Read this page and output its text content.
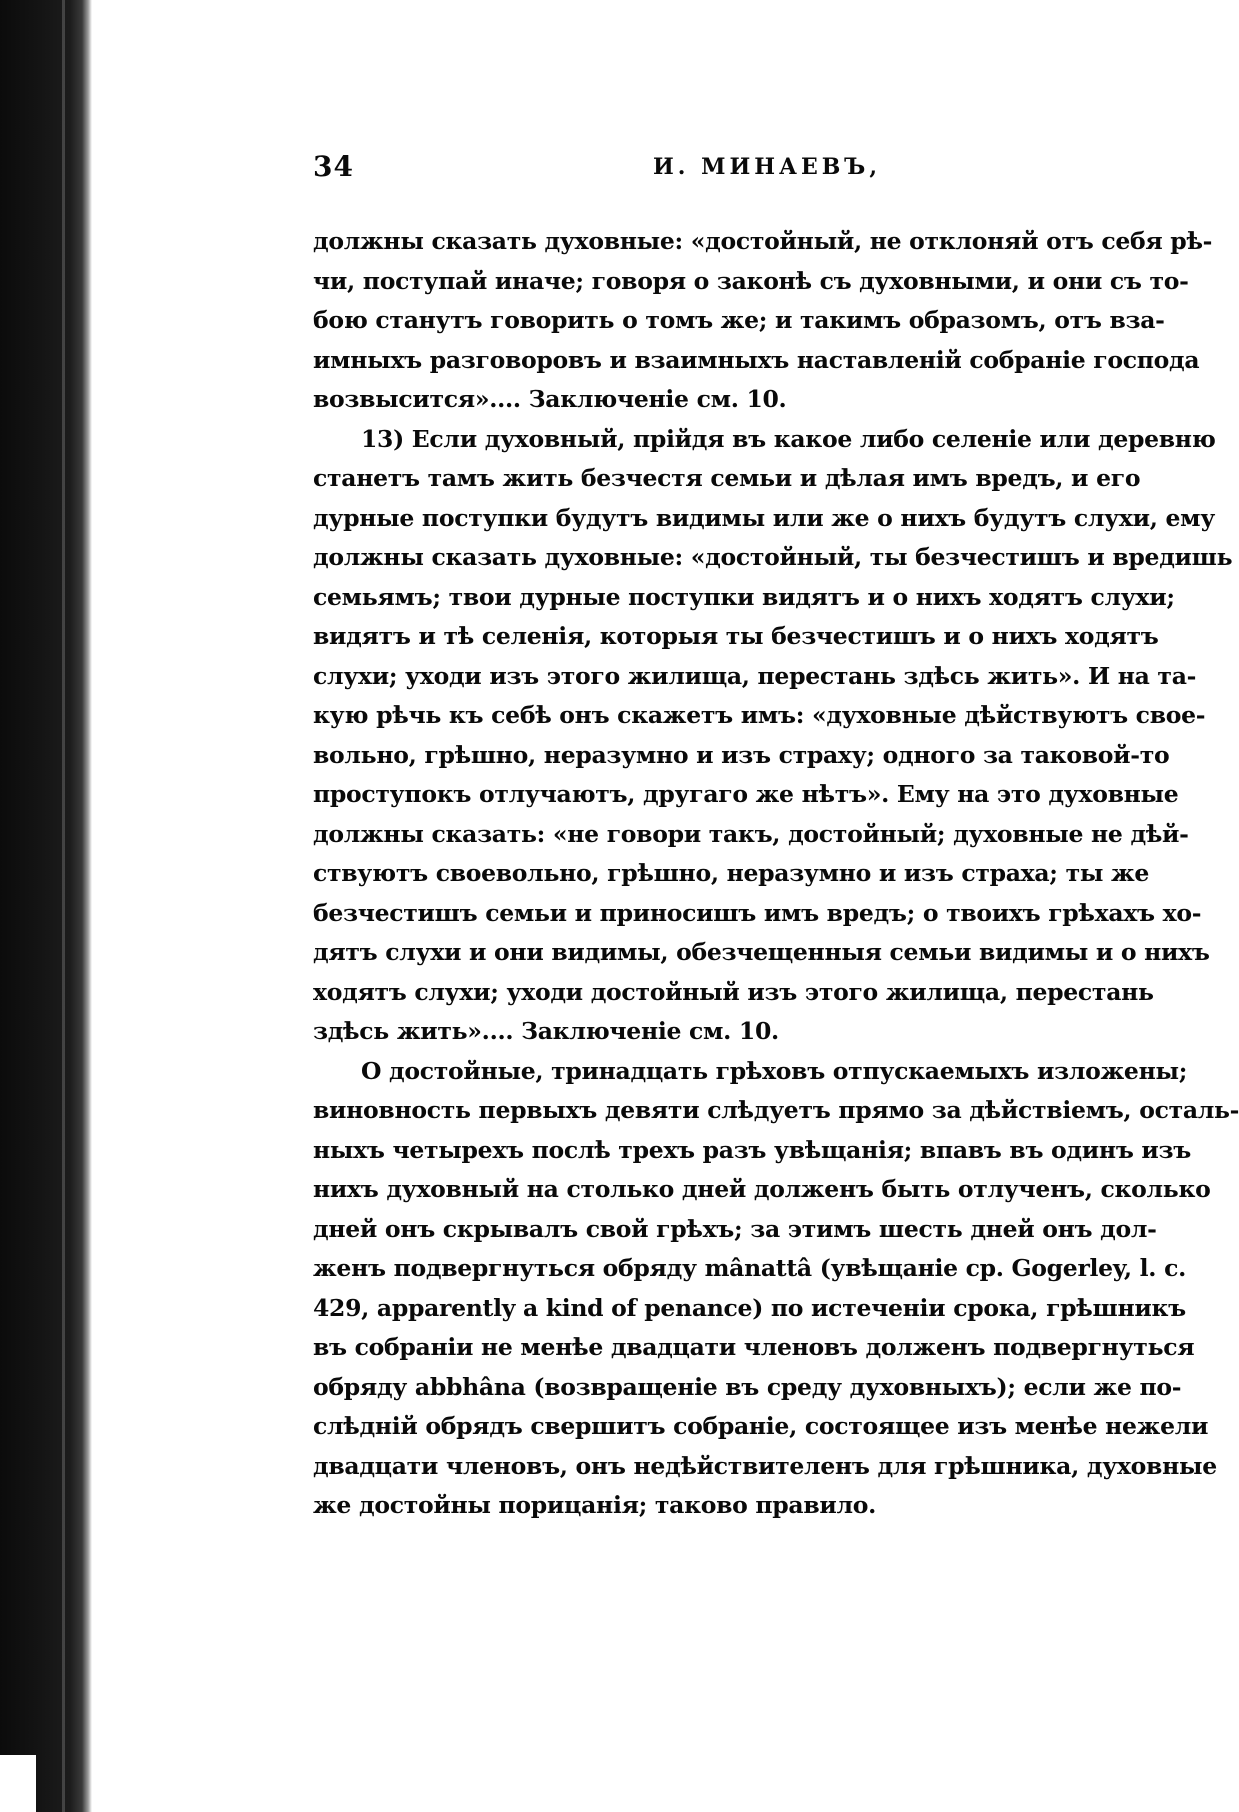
34	И. МИНАЕВЪ,
должны сказать духовные: «достойный, не отклоняй отъ себя рѣ-
чи, поступай иначе; говоря о законѣ съ духовными, и они съ то-
бою станутъ говорить о томъ же; и такимъ образомъ, отъ вза-
имныхъ разговоровъ и взаимныхъ наставленій собраніе господа
возвысится».... Заключеніе см. 10.
13) Если духовный, прійдя въ какое либо селеніе или деревню
станетъ тамъ жить безчестя семьи и дѣлая имъ вредъ, и его
дурные поступки будутъ видимы или же о нихъ будутъ слухи, ему
должны сказать духовные: «достойный, ты безчестишъ и вредишь
семьямъ; твои дурные поступки видятъ и о нихъ ходятъ слухи;
видятъ и тѣ селенія, которыя ты безчестишъ и о нихъ ходятъ
слухи; уходи изъ этого жилища, перестань здѣсь жить». И на та-
кую рѣчь къ себѣ онъ скажетъ имъ: «духовные дѣйствуютъ свое-
вольно, грѣшно, неразумно и изъ страху; одного за таковой-то
проступокъ отлучаютъ, другаго же нѣтъ». Ему на это духовные
должны сказать: «не говори такъ, достойный; духовные не дѣй-
ствуютъ своевольно, грѣшно, неразумно и изъ страха; ты же
безчестишъ семьи и приносишъ имъ вредъ; о твоихъ грѣхахъ хо-
дятъ слухи и они видимы, обезчещенныя семьи видимы и о нихъ
ходятъ слухи; уходи достойный изъ этого жилища, перестань
здѣсь жить».... Заключеніе см. 10.
О достойные, тринадцать грѣховъ отпускаемыхъ изложены;
виновность первыхъ девяти слѣдуетъ прямо за дѣйствіемъ, осталь-
ныхъ четырехъ послѣ трехъ разъ увѣщанія; впавъ въ одинъ изъ
нихъ духовный на столько дней долженъ быть отлученъ, сколько
дней онъ скрывалъ свой грѣхъ; за этимъ шесть дней онъ дол-
женъ подвергнуться обряду mânattâ (увѣщаніе ср. Gogerley, l. c.
429, apparently a kind of penance) по истеченіи срока, грѣшникъ
въ собраніи не менѣе двадцати членовъ долженъ подвергнуться
обряду abbhâna (возвращеніе въ среду духовныхъ); если же по-
слѣдній обрядъ свершитъ собраніе, состоящее изъ менѣе нежели
двадцати членовъ, онъ недѣйствителенъ для грѣшника, духовные
же достойны порицанія; таково правило.
